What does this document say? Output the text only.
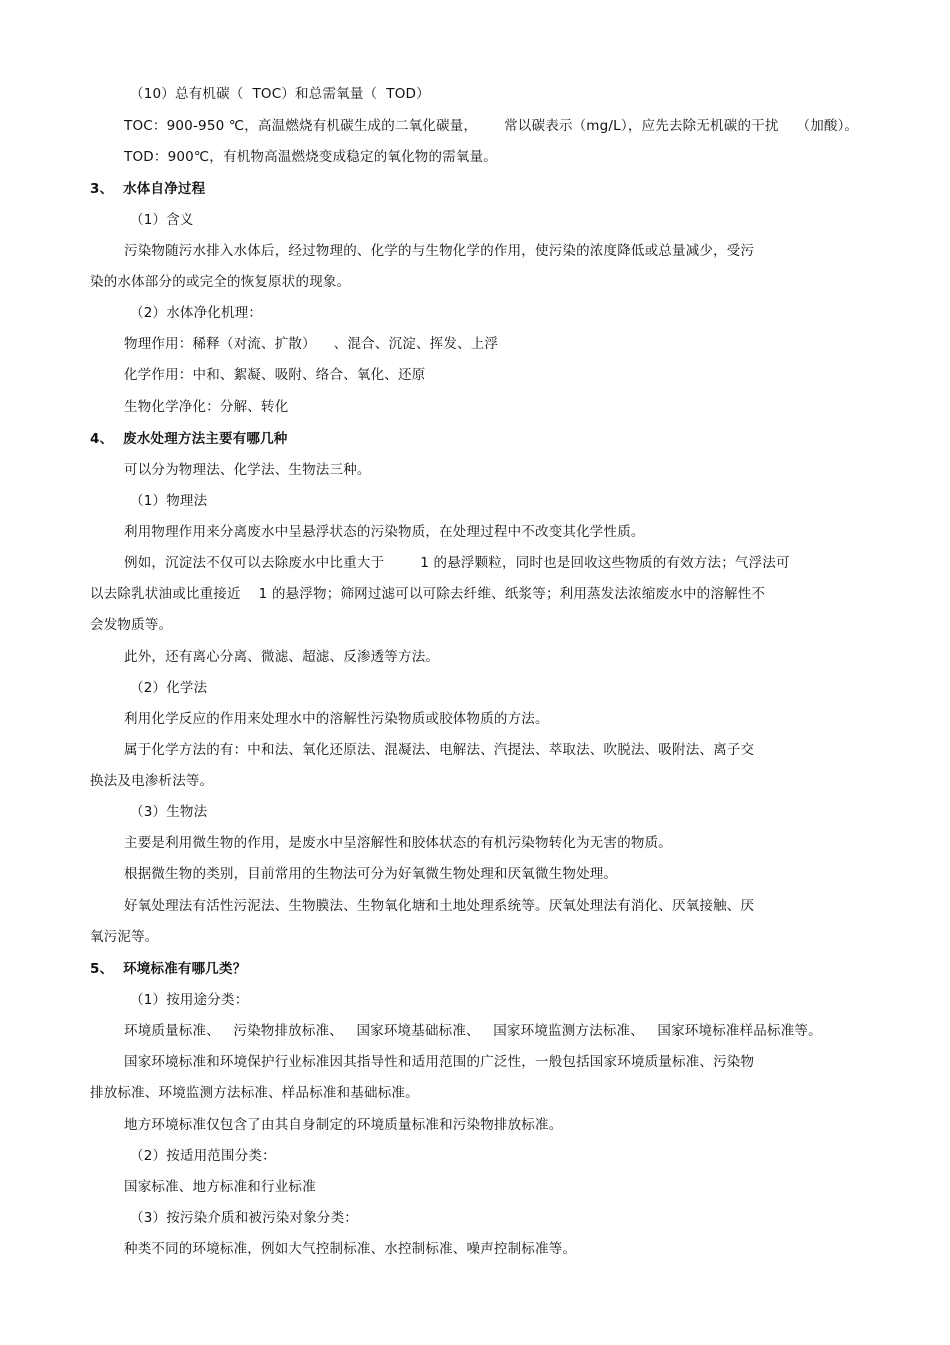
（10）总有机碳（  TOC）和总需氧量（  TOD）
TOC：900-950 ℃，高温燃烧有机碳生成的二氧化碳量，      常以碳表示（mg/L），应先去除无机碳的干扰    （加酸）。
TOD：900℃，有机物高温燃烧变成稳定的氧化物的需氧量。
3、  水体自净过程
（1）含义
污染物随污水排入水体后，经过物理的、化学的与生物化学的作用，使污染的浓度降低或总量减少，受污
染的水体部分的或完全的恢复原状的现象。
（2）水体净化机理：
物理作用：稀释（对流、扩散）    、混合、沉淀、挥发、上浮
化学作用：中和、絮凝、吸附、络合、氧化、还原
生物化学净化：分解、转化
4、  废水处理方法主要有哪几种
可以分为物理法、化学法、生物法三种。
（1）物理法
利用物理作用来分离废水中呈悬浮状态的污染物质，在处理过程中不改变其化学性质。
例如，沉淀法不仅可以去除废水中比重大于        1 的悬浮颗粒，同时也是回收这些物质的有效方法；气浮法可
以去除乳状油或比重接近    1 的悬浮物；筛网过滤可以可除去纤维、纸浆等；利用蒸发法浓缩废水中的溶解性不
会发物质等。
此外，还有离心分离、微滤、超滤、反渗透等方法。
（2）化学法
利用化学反应的作用来处理水中的溶解性污染物质或胶体物质的方法。
属于化学方法的有：中和法、氧化还原法、混凝法、电解法、汽提法、萃取法、吹脱法、吸附法、离子交
换法及电渗析法等。
（3）生物法
主要是利用微生物的作用，是废水中呈溶解性和胶体状态的有机污染物转化为无害的物质。
根据微生物的类别，目前常用的生物法可分为好氧微生物处理和厌氧微生物处理。
好氧处理法有活性污泥法、生物膜法、生物氧化塘和土地处理系统等。厌氧处理法有消化、厌氧接触、厌
氧污泥等。
5、  环境标准有哪几类？
（1）按用途分类：
环境质量标准、   污染物排放标准、   国家环境基础标准、   国家环境监测方法标准、   国家环境标准样品标准等。
国家环境标准和环境保护行业标准因其指导性和适用范围的广泛性，一般包括国家环境质量标准、污染物
排放标准、环境监测方法标准、样品标准和基础标准。
地方环境标准仅包含了由其自身制定的环境质量标准和污染物排放标准。
（2）按适用范围分类：
国家标准、地方标准和行业标准
（3）按污染介质和被污染对象分类：
种类不同的环境标准，例如大气控制标准、水控制标准、噪声控制标准等。
